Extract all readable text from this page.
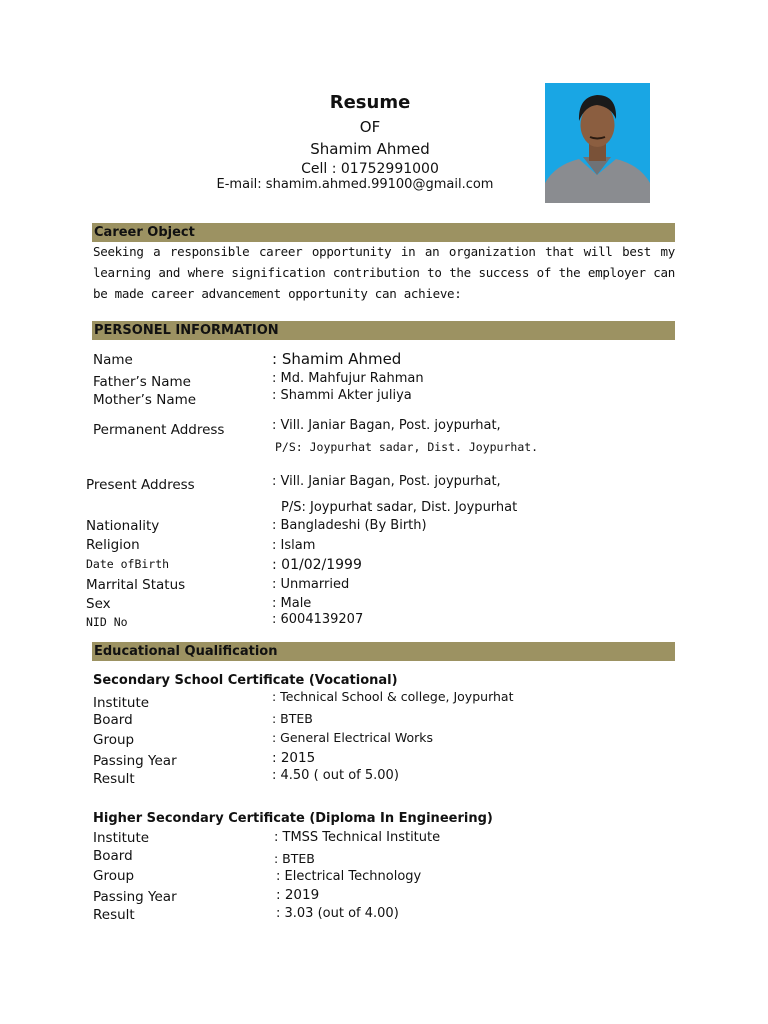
Resume
OF
Shamim Ahmed
Cell : 01752991000
E-mail: shamim.ahmed.99100@gmail.com
Career Object
Seeking a responsible career opportunity in an organization that will best my learning and where signification contribution to the success of the employer can be made career advancement opportunity can achieve:
PERSONEL INFORMATION
Name	: Shamim Ahmed
Father’s Name	: Md. Mahfujur Rahman
Mother’s Name	: Shammi Akter juliya
Permanent Address	: Vill. Janiar Bagan, Post. joypurhat,
P/S: Joypurhat sadar, Dist. Joypurhat.
Present Address	: Vill. Janiar Bagan, Post. joypurhat,
P/S: Joypurhat sadar, Dist. Joypurhat
Nationality	: Bangladeshi (By Birth)
Religion	: Islam
Date ofBirth	: 01/02/1999
Marrital Status	: Unmarried
Sex	: Male
NID No	: 6004139207
Educational Qualification
Secondary School Certificate (Vocational)
Institute	: Technical School & college, Joypurhat
Board	: BTEB
Group	: General Electrical Works
Passing Year	: 2015
Result	: 4.50 ( out of 5.00)
Higher Secondary Certificate (Diploma In Engineering)
Institute	: TMSS Technical Institute
Board	: BTEB
Group	: Electrical Technology
Passing Year	: 2019
Result	: 3.03 (out of 4.00)
